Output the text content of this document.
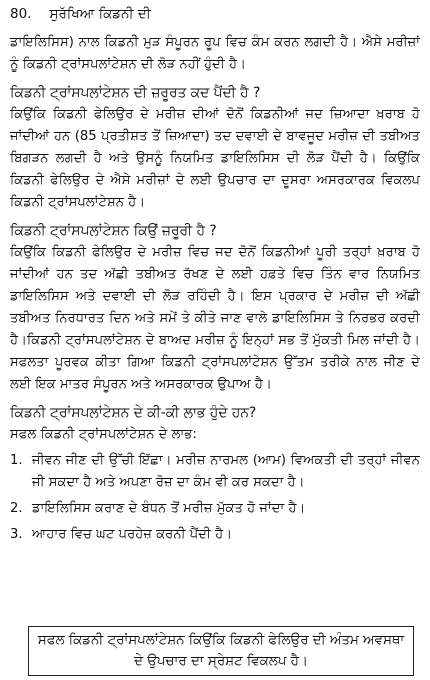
80. ਸੁਰੱਖਿਆ ਕਿਡਨੀ ਦੀ

ਡਾਇਲਿਸਿਸ) ਨਾਲ ਕਿਡਨੀ ਮੁੜ ਸੰਪੂਰਨ ਰੂਪ ਵਿਚ ਕੰਮ ਕਰਨ ਲਗਦੀ ਹੈ। ਐਸੇ ਮਰੀਜ਼ਾਂ ਨੂੰ ਕਿਡਨੀ ਟ੍ਰਾਂਸਪਲਾਂਟੇਸ਼ਨ ਦੀ ਲੋੜ ਨਹੀਂ ਹੁੰਦੀ ਹੈ।

ਕਿਡਨੀ ਟ੍ਰਾਂਸਪਲਾਂਟੇਸ਼ਨ ਦੀ ਜ਼ਰੂਰਤ ਕਦ ਪੈਂਦੀ ਹੈ ?

ਕਿਉਂਕਿ ਕਿਡਨੀ ਫੇਲਿਉਰ ਦੇ ਮਰੀਜ਼ ਦੀਆਂ ਦੋਨੋਂ ਕਿਡਨੀਆਂ ਜਦ ਜ਼ਿਆਦਾ ਖ਼ਰਾਬ ਹੋ ਜਾਂਦੀਆਂ ਹਨ (85 ਪ੍ਰਤੀਸ਼ਤ ਤੋਂ ਜ਼ਿਆਦਾ) ਤਦ ਦਵਾਈ ਦੇ ਬਾਵਜੂਦ ਮਰੀਜ਼ ਦੀ ਤਬੀਅਤ ਬਿਗੜਨ ਲਗਦੀ ਹੈ ਅਤੇ ਉਸਨੂੰ ਨਿਯਮਿਤ ਡਾਇਲਿਸਿਸ ਦੀ ਲੋੜ ਪੈਂਦੀ ਹੈ। ਕਿਉਂਕਿ ਕਿਡਨੀ ਫੇਲਿਉਰ ਦੇ ਐਸੇ ਮਰੀਜ਼ਾਂ ਦੇ ਲਈ ਉਪਚਾਰ ਦਾ ਦੂਸਰਾ ਅਸਰਕਾਰਕ ਵਿਕਲਪ ਕਿਡਨੀ ਟ੍ਰਾਂਸਪਲਾਂਟੇਸ਼ਨ ਹੈ।

ਕਿਡਨੀ ਟ੍ਰਾਂਸਪਲਾਂਟੇਸ਼ਨ ਕਿਉਂ ਜ਼ਰੂਰੀ ਹੈ ?

ਕਿਉਂਕਿ ਕਿਡਨੀ ਫੇਲਿਉਰ ਦੇ ਮਰੀਜ਼ ਵਿਚ ਜਦ ਦੋਨੋਂ ਕਿਡਨੀਆਂ ਪੂਰੀ ਤਰ੍ਹਾਂ ਖ਼ਰਾਬ ਹੋ ਜਾਂਦੀਆਂ ਹਨ ਤਦ ਅੱਛੀ ਤਬੀਅਤ ਰੱਖਣ ਦੇ ਲਈ ਹਫ਼ਤੇ ਵਿਚ ਤਿੰਨ ਵਾਰ ਨਿਯਮਿਤ ਡਾਇਲਿਸਿਸ ਅਤੇ ਦਵਾਈ ਦੀ ਲੋੜ ਰਹਿੰਦੀ ਹੈ। ਇਸ ਪ੍ਰਕਾਰ ਦੇ ਮਰੀਜ਼ ਦੀ ਅੱਛੀ ਤਬੀਅਤ ਨਿਰਧਾਰਤ ਦਿਨ ਅਤੇ ਸਮੇਂ ਤੇ ਕੀਤੇ ਜਾਣ ਵਾਲੇ ਡਾਇਲਿਸਿਸ ਤੇ ਨਿਰਭਰ ਕਰਦੀ ਹੈ।ਕਿਡਨੀ ਟ੍ਰਾਂਸਪਲਾਂਟੇਸ਼ਨ ਦੇ ਬਾਅਦ ਮਰੀਜ਼ ਨੂੰ ਇਨ੍ਹਾਂ ਸਭ ਤੋਂ ਮੁੱਕਤੀ ਮਿਲ ਜਾਂਦੀ ਹੈ। ਸਫਲਤਾ ਪੂਰਵਕ ਕੀਤਾ ਗਿਆ ਕਿਡਨੀ ਟ੍ਰਾਂਸਪਲਾਂਟੇਸ਼ਨ ਉੱਤਮ ਤਰੀਕੇ ਨਾਲ ਜੀਣ ਦੇ ਲਈ ਇਕ ਮਾਤਰ ਸੰਪੂਰਨ ਅਤੇ ਅਸਰਕਾਰਕ ਉਪਾਅ ਹੈ।

ਕਿਡਨੀ ਟ੍ਰਾਂਸਪਲਾਂਟੇਸ਼ਨ ਦੇ ਕੀ-ਕੀ ਲਾਭ ਹੁੰਦੇ ਹਨ?

ਸਫਲ ਕਿਡਨੀ ਟ੍ਰਾਂਸਪਲਾਂਟੇਸ਼ਨ ਦੇ ਲਾਭ:

1. ਜੀਵਨ ਜੀਣ ਦੀ ਉੱਚੀ ਇੱਛਾ। ਮਰੀਜ਼ ਨਾਰਮਲ (ਆਮ) ਵਿਅਕਤੀ ਦੀ ਤਰ੍ਹਾਂ ਜੀਵਨ ਜੀ ਸਕਦਾ ਹੈ ਅਤੇ ਅਪਣਾ ਰੋਜ਼ ਦਾ ਕੰਮ ਵੀ ਕਰ ਸਕਦਾ ਹੈ।
2. ਡਾਇਲਿਸਿਸ ਕਰਾਣ ਦੇ ਬੰਧਨ ਤੋਂ ਮਰੀਜ਼ ਮੁੱਕਤ ਹੋ ਜਾਂਦਾ ਹੈ।
3. ਆਹਾਰ ਵਿਚ ਘਟ ਪਰਹੇਜ਼ ਕਰਨੀ ਪੈਂਦੀ ਹੈ।
ਸਫਲ ਕਿਡਨੀ ਟ੍ਰਾਂਸਪਲਾਂਟੇਸ਼ਨ ਕਿਉਂਕਿ ਕਿਡਨੀ ਫੇਲਿਉਰ ਦੀ ਅੰਤਮ ਅਵਸਥਾ ਦੇ ਉਪਚਾਰ ਦਾ ਸ੍ਰੇਸ਼ਟ ਵਿਕਲਪ ਹੈ।
